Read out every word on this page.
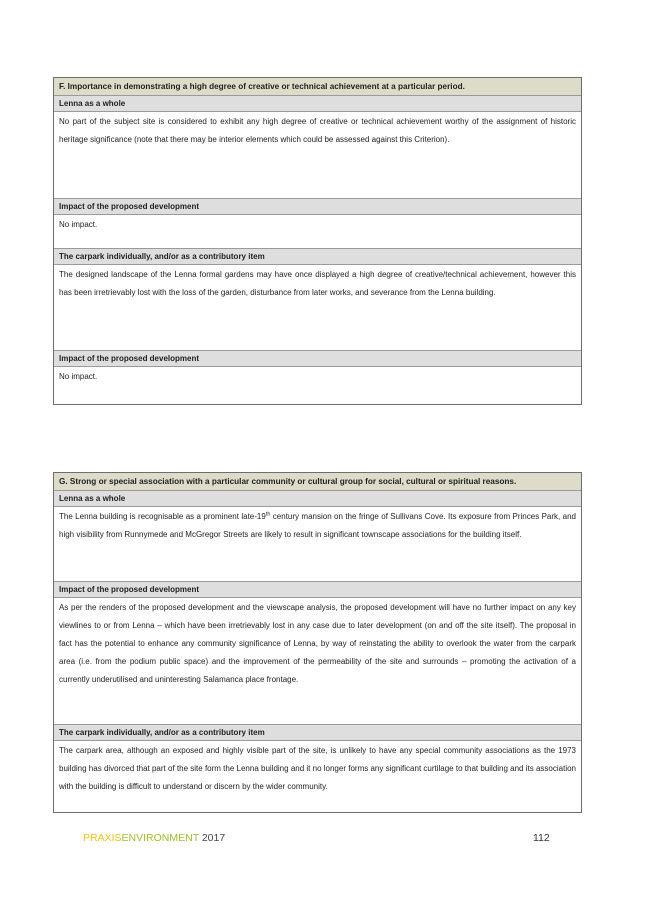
F. Importance in demonstrating a high degree of creative or technical achievement at a particular period.
Lenna as a whole
No part of the subject site is considered to exhibit any high degree of creative or technical achievement worthy of the assignment of historic heritage significance (note that there may be interior elements which could be assessed against this Criterion).
Impact of the proposed development
No impact.
The carpark individually, and/or as a contributory item
The designed landscape of the Lenna formal gardens may have once displayed a high degree of creative/technical achievement, however this has been irretrievably lost with the loss of the garden, disturbance from later works, and severance from the Lenna building.
Impact of the proposed development
No impact.
G. Strong or special association with a particular community or cultural group for social, cultural or spiritual reasons.
Lenna as a whole
The Lenna building is recognisable as a prominent late-19th century mansion on the fringe of Sullivans Cove. Its exposure from Princes Park, and high visibility from Runnymede and McGregor Streets are likely to result in significant townscape associations for the building itself.
Impact of the proposed development
As per the renders of the proposed development and the viewscape analysis, the proposed development will have no further impact on any key viewlines to or from Lenna – which have been irretrievably lost in any case due to later development (on and off the site itself). The proposal in fact has the potential to enhance any community significance of Lenna, by way of reinstating the ability to overlook the water from the carpark area (i.e. from the podium public space) and the improvement of the permeability of the site and surrounds – promoting the activation of a currently underutilised and uninteresting Salamanca place frontage.
The carpark individually, and/or as a contributory item
The carpark area, although an exposed and highly visible part of the site, is unlikely to have any special community associations as the 1973 building has divorced that part of the site form the Lenna building and it no longer forms any significant curtilage to that building and its association with the building is difficult to understand or discern by the wider community.
PRAXISENVIRONMENT 2017	112
